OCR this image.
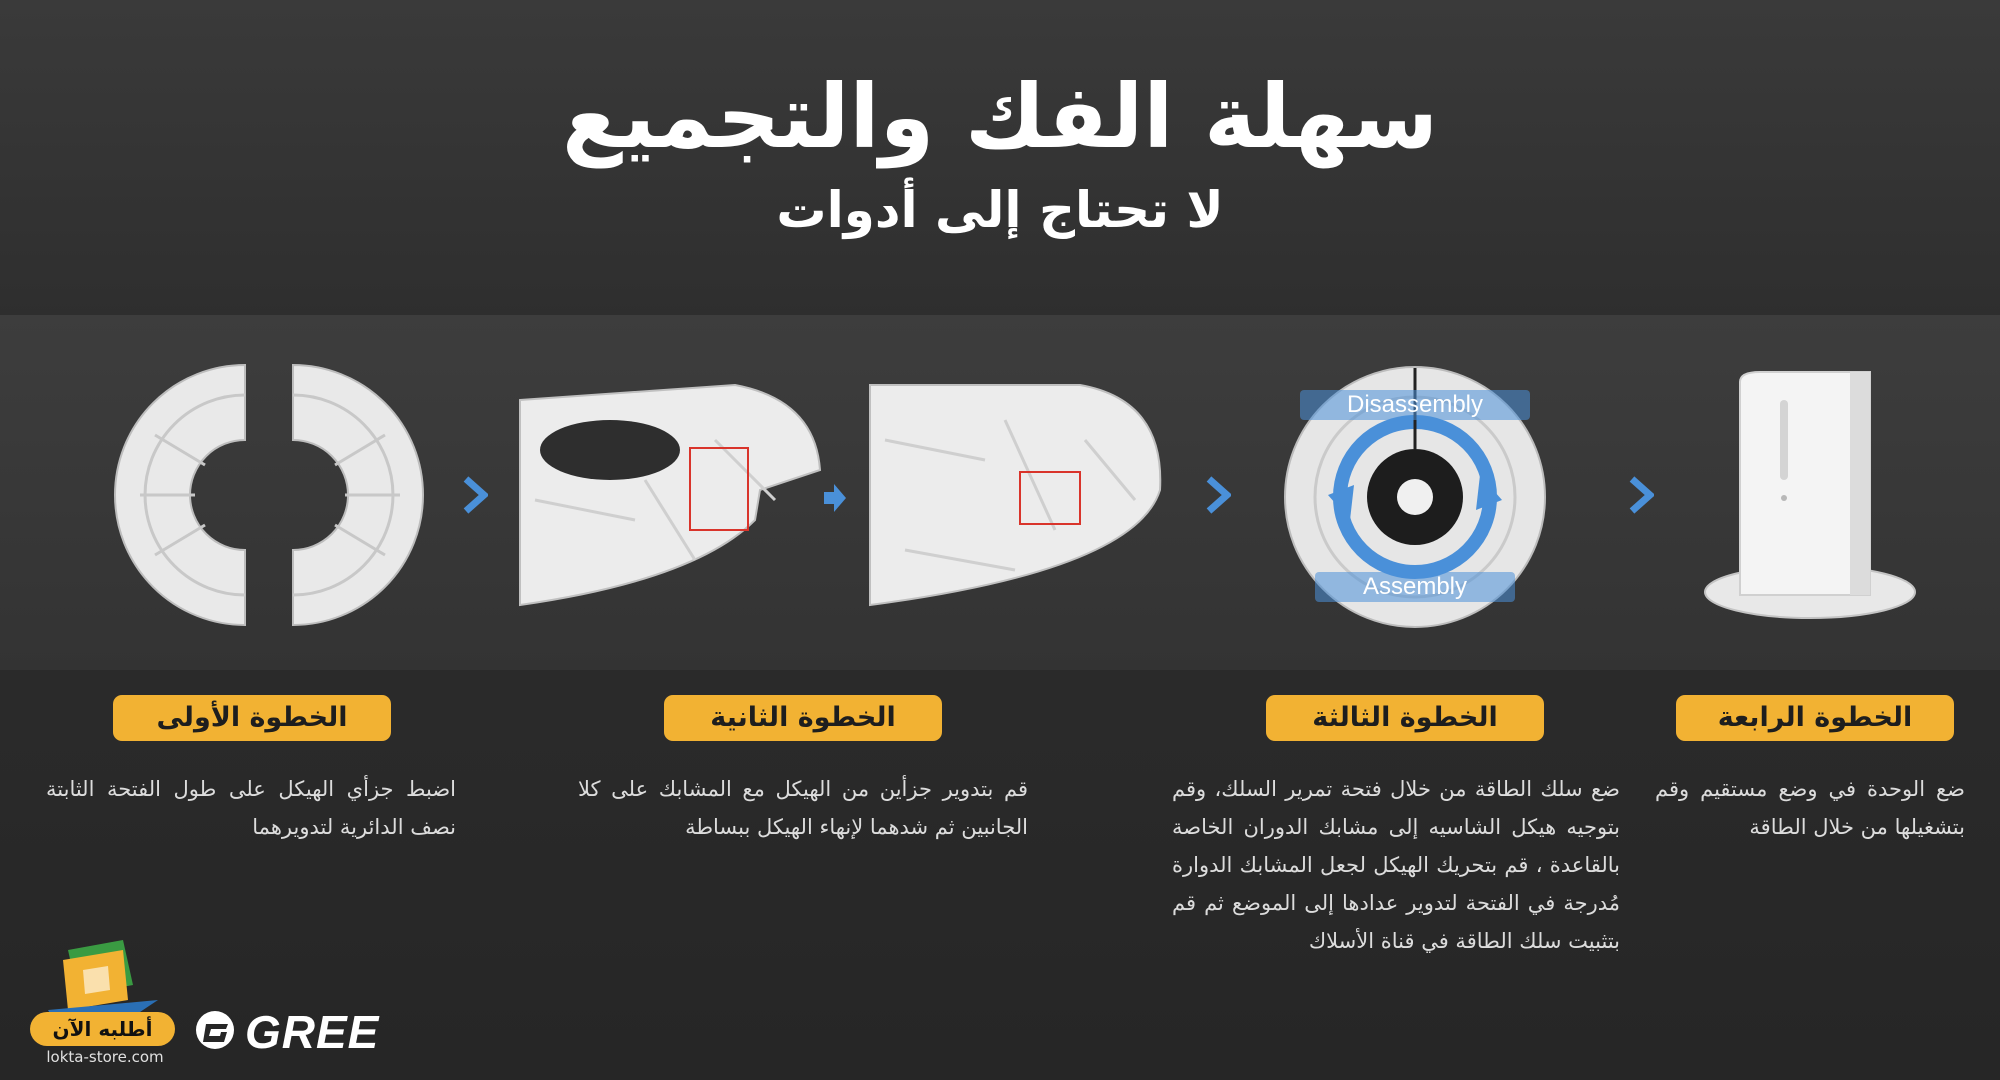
سهلة الفك والتجميع
لا تحتاج إلى أدوات
Disassembly
Assembly
الخطوة الرابعة
الخطوة الثالثة
الخطوة الثانية
الخطوة الأولى
ضع الوحدة في وضع مستقيم وقم بتشغيلها من خلال الطاقة
ضع سلك الطاقة من خلال فتحة تمرير السلك، وقم بتوجيه هيكل الشاسيه إلى مشابك الدوران الخاصة بالقاعدة ، قم بتحريك الهيكل لجعل المشابك الدوارة مُدرجة في الفتحة لتدوير عدادها إلى الموضع ثم قم بتثبيت سلك الطاقة في قناة الأسلاك
قم بتدوير جزأين من الهيكل مع المشابك على كلا الجانبين ثم شدهما لإنهاء الهيكل ببساطة
اضبط جزأي الهيكل على طول الفتحة الثابتة نصف الدائرية لتدويرهما
أطلبه الآن
lokta-store.com	GREE
